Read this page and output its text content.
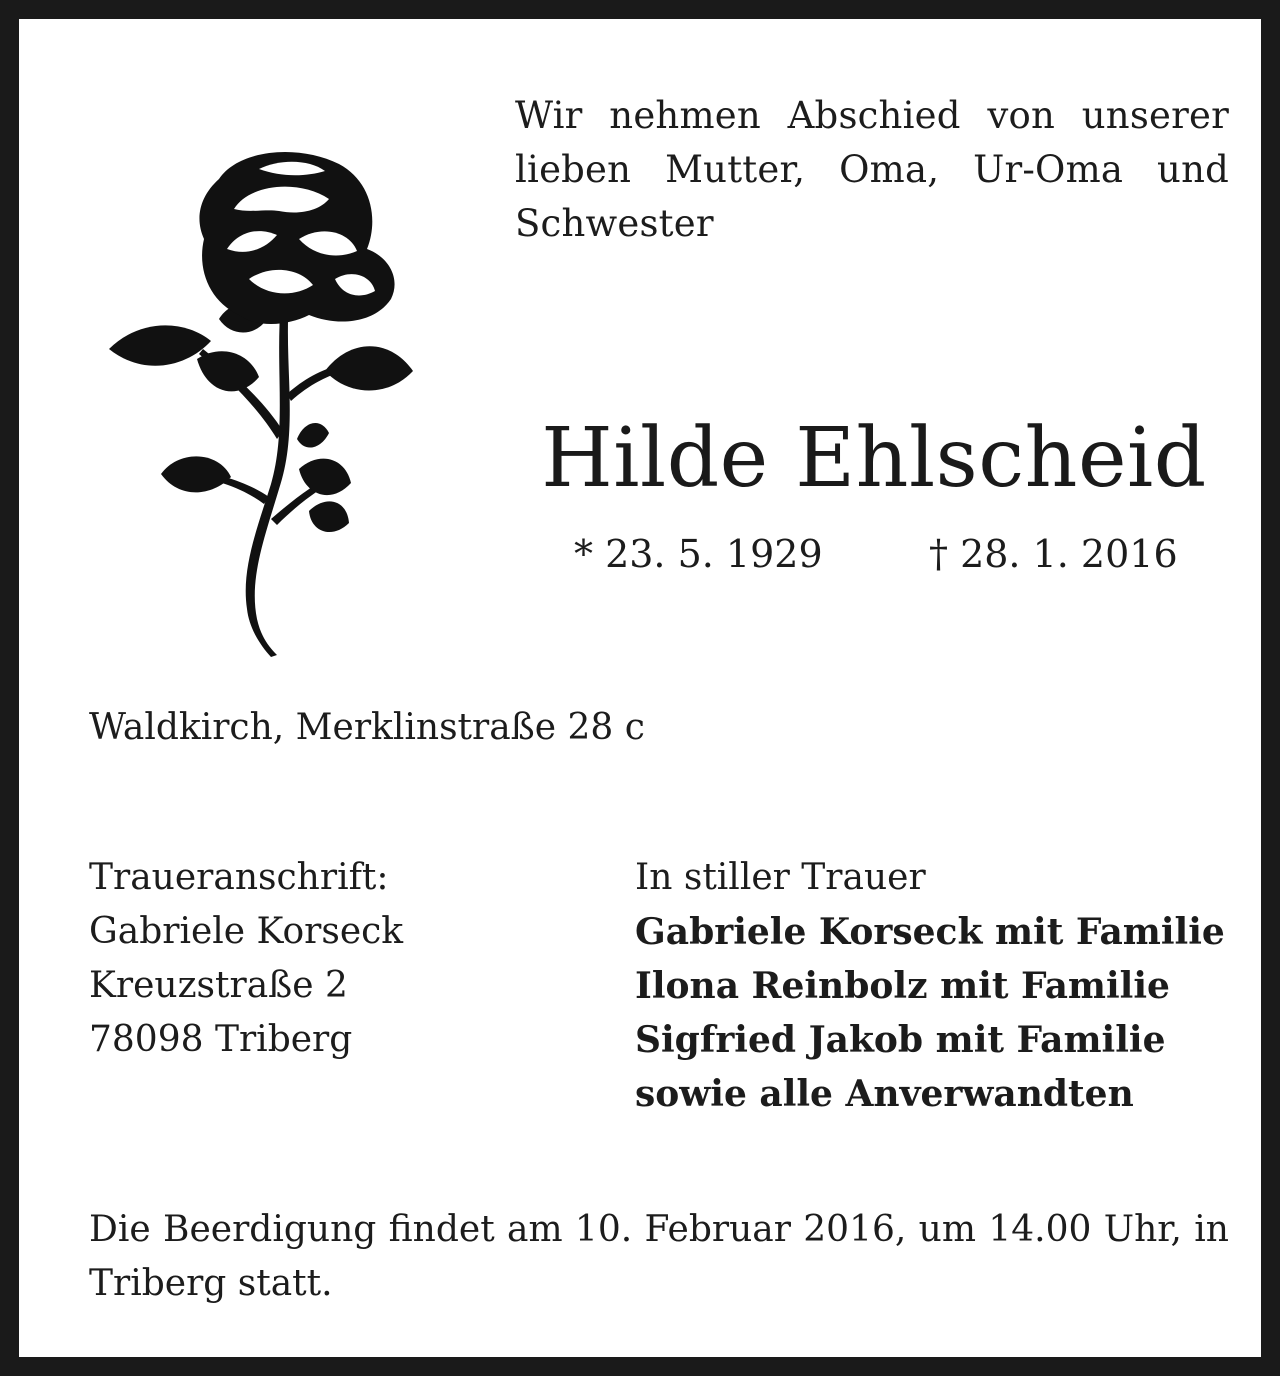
Wir nehmen Abschied von unserer
lieben Mutter, Oma, Ur-Oma und
Schwester
Hilde Ehlscheid
* 23. 5. 1929	† 28. 1. 2016
Waldkirch, Merklinstraße 28 c
Traueranschrift:
Gabriele Korseck
Kreuzstraße 2
78098 Triberg
In stiller Trauer
Gabriele Korseck mit Familie
Ilona Reinbolz mit Familie
Sigfried Jakob mit Familie
sowie alle Anverwandten
Die Beerdigung findet am 10. Februar 2016, um 14.00 Uhr, in
Triberg statt.
